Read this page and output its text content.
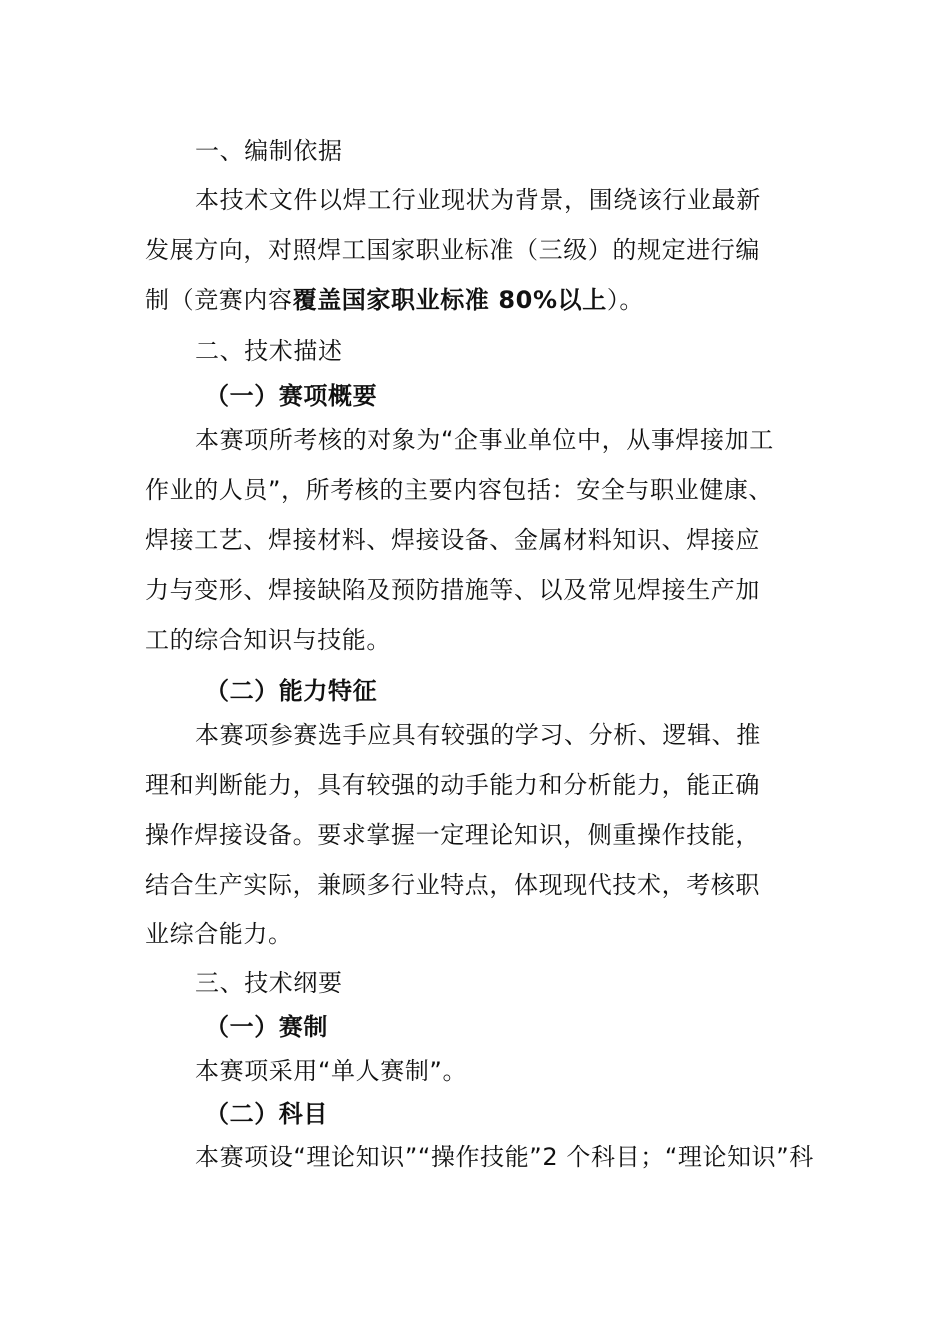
一、编制依据
本技术文件以焊工行业现状为背景，围绕该行业最新
发展方向，对照焊工国家职业标准（三级）的规定进行编
制（竞赛内容覆盖国家职业标准 80%以上）。
二、技术描述
（一）赛项概要
本赛项所考核的对象为“企事业单位中，从事焊接加工
作业的人员”，所考核的主要内容包括：安全与职业健康、
焊接工艺、焊接材料、焊接设备、金属材料知识、焊接应
力与变形、焊接缺陷及预防措施等、以及常见焊接生产加
工的综合知识与技能。
（二）能力特征
本赛项参赛选手应具有较强的学习、分析、逻辑、推
理和判断能力，具有较强的动手能力和分析能力，能正确
操作焊接设备。要求掌握一定理论知识，侧重操作技能，
结合生产实际，兼顾多行业特点，体现现代技术，考核职
业综合能力。
三、技术纲要
（一）赛制
本赛项采用“单人赛制”。
（二）科目
本赛项设“理论知识”“操作技能”2 个科目；“理论知识”科
